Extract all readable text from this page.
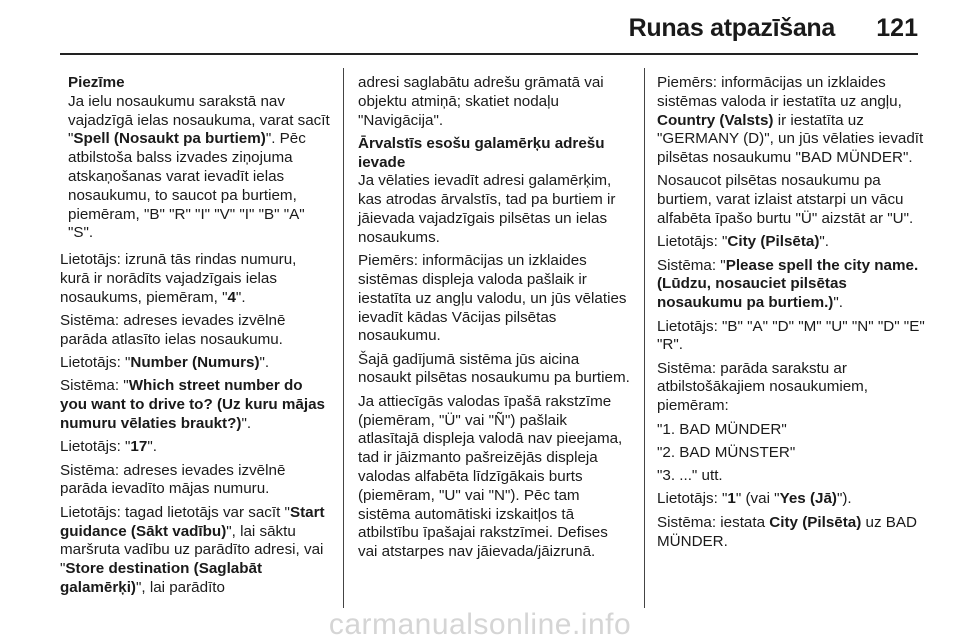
Runas atpazīšana 121
Piezīme
Ja ielu nosaukumu sarakstā nav vajadzīgā ielas nosaukuma, varat sacīt "Spell (Nosaukt pa burtiem)". Pēc atbilstoša balss izvades ziņojuma atskaņošanas varat ievadīt ielas nosaukumu, to saucot pa burtiem, piemēram, "B" "R" "I" "V" "I" "B" "A" "S".

Lietotājs: izrunā tās rindas numuru, kurā ir norādīts vajadzīgais ielas nosaukums, piemēram, "4".

Sistēma: adreses ievades izvēlnē parāda atlasīto ielas nosaukumu.

Lietotājs: "Number (Numurs)".

Sistēma: "Which street number do you want to drive to? (Uz kuru mājas numuru vēlaties braukt?)".

Lietotājs: "17".

Sistēma: adreses ievades izvēlnē parāda ievadīto mājas numuru.

Lietotājs: tagad lietotājs var sacīt "Start guidance (Sākt vadību)", lai sāktu maršruta vadību uz parādīto adresi, vai "Store destination (Saglabāt galamērķi)", lai parādīto

adresi saglabātu adrešu grāmatā vai objektu atmiņā; skatiet nodaļu "Navigācija".

Ārvalstīs esošu galamērķu adrešu ievade

Ja vēlaties ievadīt adresi galamērķim, kas atrodas ārvalstīs, tad pa burtiem ir jāievada vajadzīgais pilsētas un ielas nosaukums.

Piemērs: informācijas un izklaides sistēmas displeja valoda pašlaik ir iestatīta uz angļu valodu, un jūs vēlaties ievadīt kādas Vācijas pilsētas nosaukumu.

Šajā gadījumā sistēma jūs aicina nosaukt pilsētas nosaukumu pa burtiem.

Ja attiecīgās valodas īpašā rakstzīme (piemēram, "Ü" vai "Ñ") pašlaik atlasītajā displeja valodā nav pieejama, tad ir jāizmanto pašreizējās displeja valodas alfabēta līdzīgākais burts (piemēram, "U" vai "N"). Pēc tam sistēma automātiski izskaitļos tā atbilstību īpašajai rakstzīmei. Defises vai atstarpes nav jāievada/jāizrunā.

Piemērs: informācijas un izklaides sistēmas valoda ir iestatīta uz angļu, Country (Valsts) ir iestatīta uz "GERMANY (D)", un jūs vēlaties ievadīt pilsētas nosaukumu "BAD MÜNDER".

Nosaucot pilsētas nosaukumu pa burtiem, varat izlaist atstarpi un vācu alfabēta īpašo burtu "Ü" aizstāt ar "U".

Lietotājs: "City (Pilsēta)".

Sistēma: "Please spell the city name. (Lūdzu, nosauciet pilsētas nosaukumu pa burtiem.)".

Lietotājs: "B" "A" "D" "M" "U" "N" "D" "E" "R".

Sistēma: parāda sarakstu ar atbilstošākajiem nosaukumiem, piemēram:

"1. BAD MÜNDER"

"2. BAD MÜNSTER"

"3. ..." utt.

Lietotājs: "1" (vai "Yes (Jā)").

Sistēma: iestata City (Pilsēta) uz BAD MÜNDER.

carmanualsonline.info
